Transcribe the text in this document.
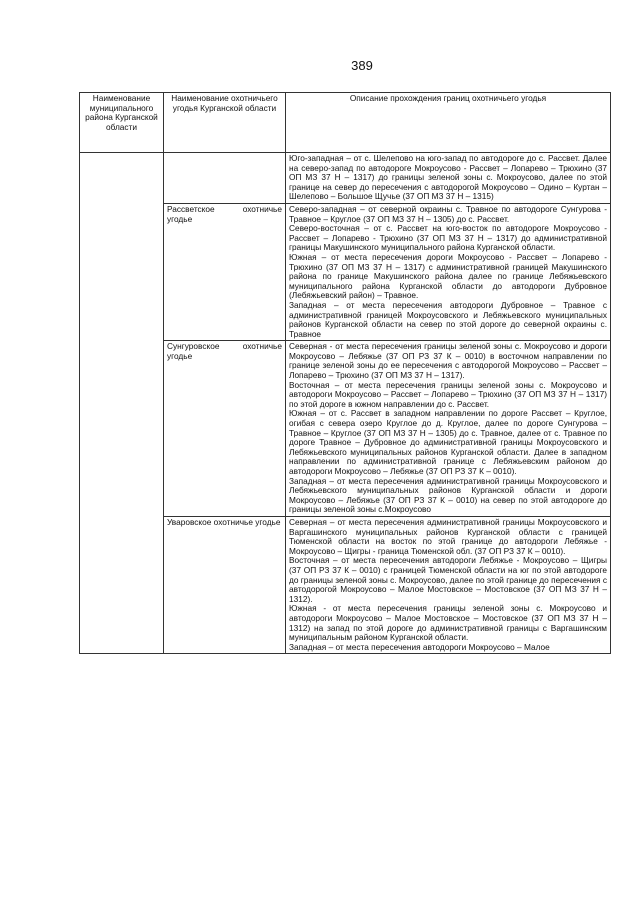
389
Наименование муниципального района Курганской области	Наименование охотничьего угодья Курганской области	Описание прохождения границ охотничьего угодья

		Юго-западная – от с. Шелепово на юго-запад по автодороге до с. Рассвет. Далее на северо-запад по автодороге Мокроусово - Рассвет – Лопарево – Трюхино (37 ОП МЗ 37 Н – 1317) до границы зеленой зоны с. Мокроусово, далее по этой границе на север до пересечения с автодорогой Мокроусово – Одино – Куртан – Шелепово – Большое Щучье (37 ОП МЗ 37 Н – 1315)

	Рассветское охотничье угодье	Северо-западная – от северной окраины с. Травное по автодороге Сунгурова - Травное – Круглое (37 ОП МЗ 37 Н – 1305) до с. Рассвет.

Северо-восточная – от с. Рассвет на юго-восток по автодороге Мокроусово - Рассвет – Лопарево - Трюхино (37 ОП МЗ 37 Н – 1317) до административной границы Макушинского муниципального района Курганской области.

Южная – от места пересечения дороги Мокроусово - Рассвет – Лопарево - Трюхино (37 ОП МЗ 37 Н – 1317) с административной границей Макушинского района по границе Макушинского района далее по границе Лебяжьевского муниципального района Курганской области до автодороги Дубровное (Лебяжьевский район) – Травное.

Западная – от места пересечения автодороги Дубровное – Травное с административной границей Мокроусовского и Лебяжьевского муниципальных районов Курганской области на север по этой дороге до северной окраины с. Травное

	Сунгуровское охотничье угодье	Северная - от места пересечения границы зеленой зоны с. Мокроусово и дороги Мокроусово – Лебяжье (37 ОП РЗ 37 К – 0010) в восточном направлении по границе зеленой зоны до ее пересечения с автодорогой Мокроусово – Рассвет – Лопарево – Трюхино (37 ОП МЗ 37 Н – 1317).

Восточная – от места пересечения границы зеленой зоны с. Мокроусово и автодороги Мокроусово – Рассвет – Лопарево – Трюхино (37 ОП МЗ 37 Н – 1317) по этой дороге в южном направлении до с. Рассвет.

Южная – от с. Рассвет в западном направлении по дороге Рассвет – Круглое, огибая с севера озеро Круглое до д. Круглое, далее по дороге Сунгурова – Травное – Круглое (37 ОП МЗ 37 Н – 1305) до с. Травное, далее от с. Травное по дороге Травное – Дубровное до административной границы Мокроусовского и Лебяжьевского муниципальных районов Курганской области. Далее в западном направлении по административной границе с Лебяжьевским районом до автодороги Мокроусово – Лебяжье (37 ОП РЗ 37 К – 0010).

Западная – от места пересечения административной границы Мокроусовского и Лебяжьевского муниципальных районов Курганской области и дороги Мокроусово – Лебяжье (37 ОП РЗ 37 К – 0010) на север по этой автодороге до границы зеленой зоны с.Мокроусово

	Уваровское охотничье угодье	Северная – от места пересечения административной границы Мокроусовского и Варгашинского муниципальных районов Курганской области с границей Тюменской области на восток по этой границе до автодороги Лебяжье - Мокроусово – Щигры - граница Тюменской обл. (37 ОП РЗ 37 К – 0010).

Восточная – от места пересечения автодороги Лебяжье - Мокроусово – Щигры (37 ОП РЗ 37 К – 0010) с границей Тюменской области на юг по этой автодороге до границы зеленой зоны с. Мокроусово, далее по этой границе до пересечения с автодорогой Мокроусово – Малое Мостовское – Мостовское (37 ОП МЗ 37 Н – 1312).

Южная - от места пересечения границы зеленой зоны с. Мокроусово и автодороги Мокроусово – Малое Мостовское – Мостовское (37 ОП МЗ 37 Н – 1312) на запад по этой дороге до административной границы с Варгашинским муниципальным районом Курганской области.

Западная – от места пересечения автодороги Мокроусово – Малое
